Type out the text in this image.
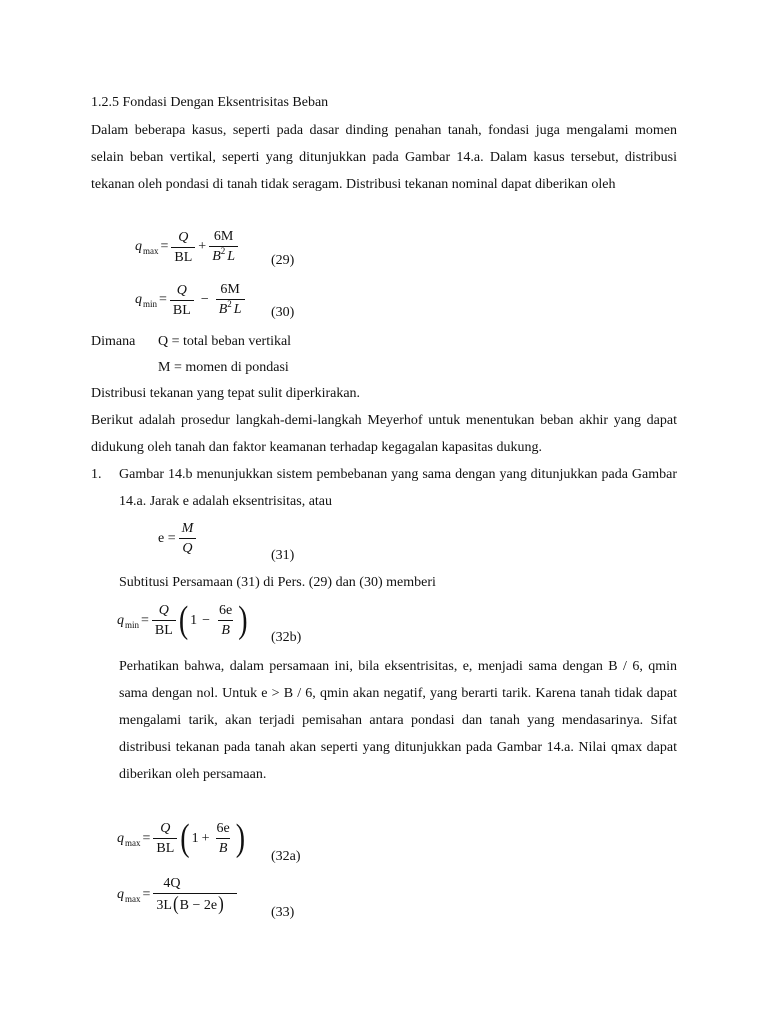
1.2.5 Fondasi Dengan Eksentrisitas Beban
Dalam beberapa kasus, seperti pada dasar dinding penahan tanah, fondasi juga mengalami momen selain beban vertikal, seperti yang ditunjukkan pada Gambar 14.a. Dalam kasus tersebut, distribusi tekanan oleh pondasi di tanah tidak seragam. Distribusi tekanan nominal dapat diberikan oleh
q $\max = \frac{Q}{BL} + \frac{6M}{B^2 L} (29)$
q $\min = \frac{Q}{BL} - \frac{6M}{B^2 L} (30)$
Dimana Q = total beban vertikal
M = momen di pondasi
Distribusi tekanan yang tepat sulit diperkirakan.
Berikut adalah prosedur langkah-demi-langkah Meyerhof untuk menentukan beban akhir yang dapat didukung oleh tanah dan faktor keamanan terhadap kegagalan kapasitas dukung.
1. Gambar 14.b menunjukkan sistem pembebanan yang sama dengan yang ditunjukkan pada Gambar 14.a. Jarak e adalah eksentrisitas, atau
$e = \frac{M}{Q}$	(31)
Subtitusi Persamaan (31) di Pers. (29) dan (30) memberi
q $\min = \frac{Q}{BL}$ ( $1 - \frac{6e}{B}$ ) (32b)
Perhatikan bahwa, dalam persamaan ini, bila eksentrisitas, e, menjadi sama dengan B / 6, qmin sama dengan nol. Untuk e > B / 6, qmin akan negatif, yang berarti tarik. Karena tanah tidak dapat mengalami tarik, akan terjadi pemisahan antara pondasi dan tanah yang mendasarinya. Sifat distribusi tekanan pada tanah akan seperti yang ditunjukkan pada Gambar 14.a. Nilai qmax dapat diberikan oleh persamaan.
q $\max = \frac{Q}{BL}$ ( $1 + \frac{6e}{B}$ ) (32a)
q $\max = \frac{4Q}{3L(B - 2e)} (33)$
